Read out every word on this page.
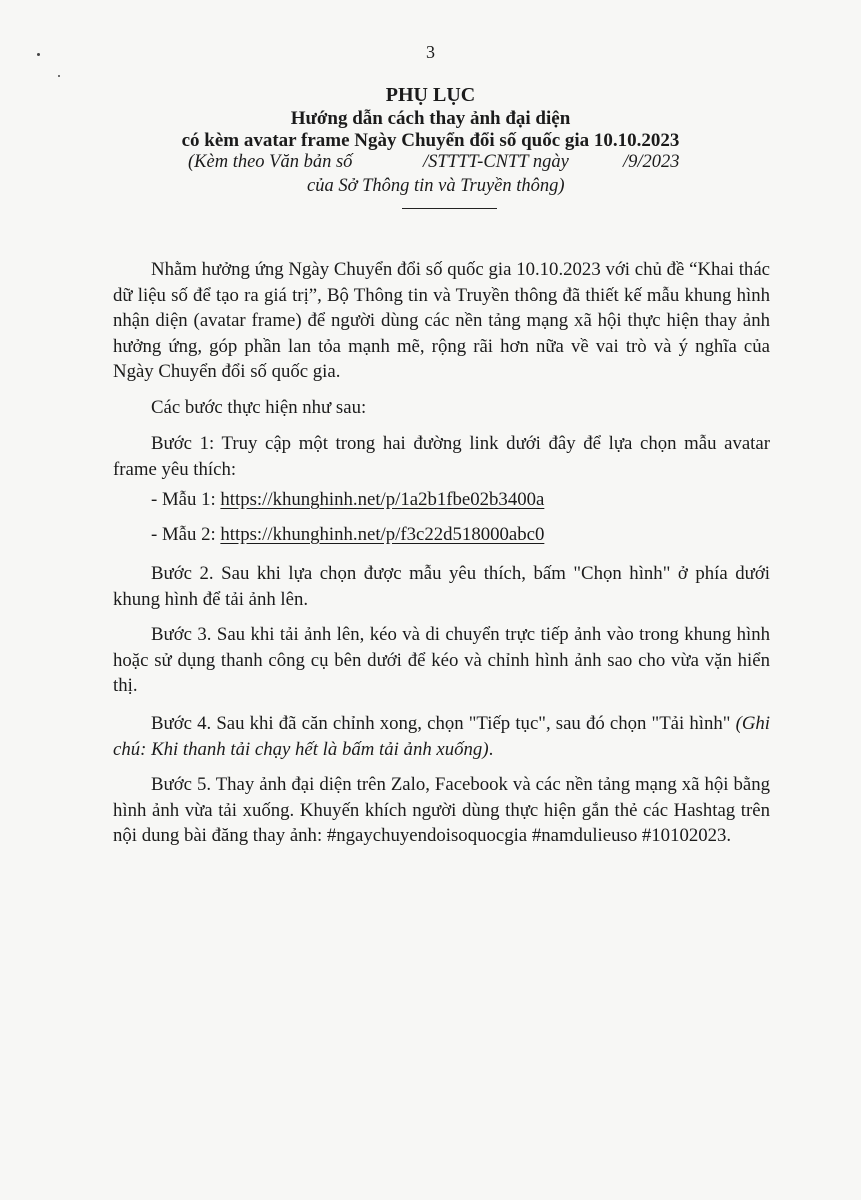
3
PHỤ LỤC
Hướng dẫn cách thay ảnh đại diện
có kèm avatar frame Ngày Chuyển đổi số quốc gia 10.10.2023
(Kèm theo Văn bản số	/STTTT-CNTT ngày	/9/2023
của Sở Thông tin và Truyền thông)

Nhằm hưởng ứng Ngày Chuyển đổi số quốc gia 10.10.2023 với chủ đề “Khai thác dữ liệu số để tạo ra giá trị”, Bộ Thông tin và Truyền thông đã thiết kế mẫu khung hình nhận diện (avatar frame) để người dùng các nền tảng mạng xã hội thực hiện thay ảnh hưởng ứng, góp phần lan tỏa mạnh mẽ, rộng rãi hơn nữa về vai trò và ý nghĩa của Ngày Chuyển đổi số quốc gia.

Các bước thực hiện như sau:

Bước 1: Truy cập một trong hai đường link dưới đây để lựa chọn mẫu avatar frame yêu thích:

- Mẫu 1: https://khunghinh.net/p/1a2b1fbe02b3400a
- Mẫu 2: https://khunghinh.net/p/f3c22d518000abc0

Bước 2. Sau khi lựa chọn được mẫu yêu thích, bấm "Chọn hình" ở phía dưới khung hình để tải ảnh lên.

Bước 3. Sau khi tải ảnh lên, kéo và di chuyển trực tiếp ảnh vào trong khung hình hoặc sử dụng thanh công cụ bên dưới để kéo và chỉnh hình ảnh sao cho vừa vặn hiển thị.

Bước 4. Sau khi đã căn chỉnh xong, chọn "Tiếp tục", sau đó chọn "Tải hình" (Ghi chú: Khi thanh tải chạy hết là bấm tải ảnh xuống).

Bước 5. Thay ảnh đại diện trên Zalo, Facebook và các nền tảng mạng xã hội bằng hình ảnh vừa tải xuống. Khuyến khích người dùng thực hiện gắn thẻ các Hashtag trên nội dung bài đăng thay ảnh: #ngaychuyendoisoquocgia #namdulieuso #10102023.
